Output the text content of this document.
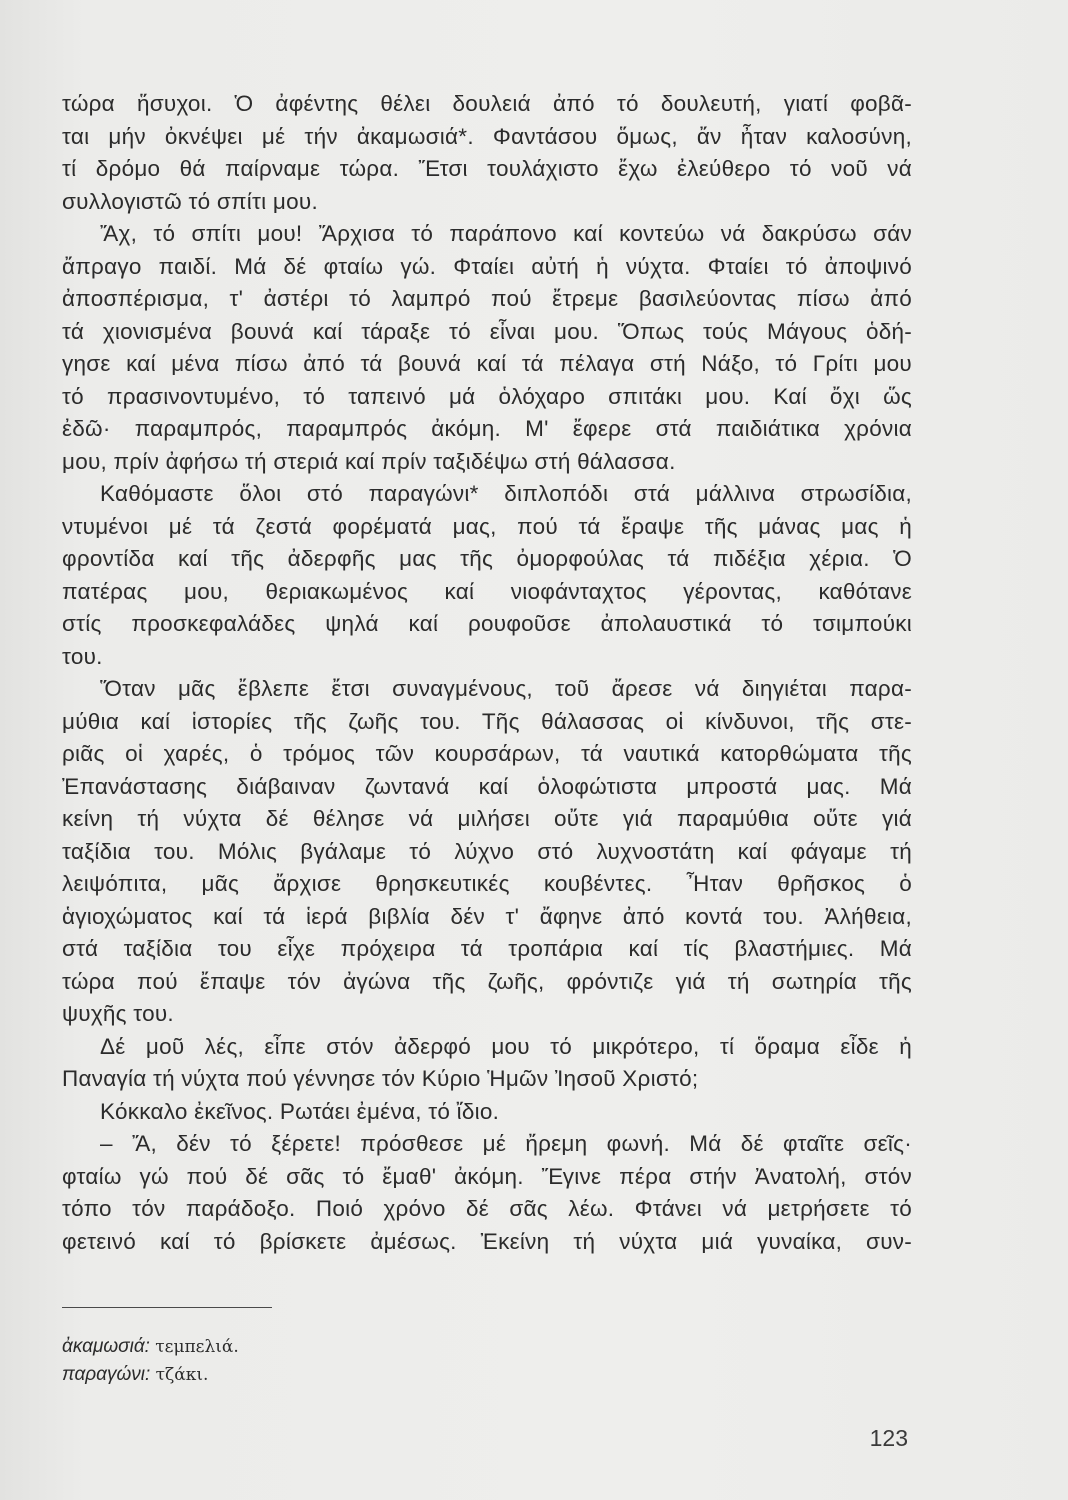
τώρα ἥσυχοι. Ὁ ἀφέντης θέλει δουλειά ἀπό τό δουλευτή, γιατί φοβᾶ-
ται μήν ὀκνέψει μέ τήν ἀκαμωσιά*. Φαντάσου ὅμως, ἄν ἦταν καλοσύνη,
τί δρόμο θά παίρναμε τώρα. Ἔτσι τουλάχιστο ἔχω ἐλεύθερο τό νοῦ νά
συλλογιστῶ τό σπίτι μου.
Ἄχ, τό σπίτι μου! Ἄρχισα τό παράπονο καί κοντεύω νά δακρύσω σάν
ἄπραγο παιδί. Μά δέ φταίω γώ. Φταίει αὐτή ἡ νύχτα. Φταίει τό ἀποψινό
ἀποσπέρισμα, τ' ἀστέρι τό λαμπρό πού ἔτρεμε βασιλεύοντας πίσω ἀπό
τά χιονισμένα βουνά καί τάραξε τό εἶναι μου. Ὅπως τούς Μάγους ὁδή-
γησε καί μένα πίσω ἀπό τά βουνά καί τά πέλαγα στή Νάξο, τό Γρίτι μου
τό πρασινοντυμένο, τό ταπεινό μά ὁλόχαρο σπιτάκι μου. Καί ὄχι ὥς
ἐδῶ· παραμπρός, παραμπρός ἀκόμη. Μ' ἔφερε στά παιδιάτικα χρόνια
μου, πρίν ἀφήσω τή στεριά καί πρίν ταξιδέψω στή θάλασσα.
Καθόμαστε ὅλοι στό παραγώνι* διπλοπόδι στά μάλλινα στρωσίδια,
ντυμένοι μέ τά ζεστά φορέματά μας, πού τά ἔραψε τῆς μάνας μας ἡ
φροντίδα καί τῆς ἀδερφῆς μας τῆς ὀμορφούλας τά πιδέξια χέρια. Ὁ
πατέρας μου, θεριακωμένος καί νιοφάνταχτος γέροντας, καθότανε
στίς προσκεφαλάδες ψηλά καί ρουφοῦσε ἀπολαυστικά τό τσιμπούκι
του.
Ὅταν μᾶς ἔβλεπε ἔτσι συναγμένους, τοῦ ἄρεσε νά διηγιέται παρα-
μύθια καί ἱστορίες τῆς ζωῆς του. Τῆς θάλασσας οἱ κίνδυνοι, τῆς στε-
ριᾶς οἱ χαρές, ὁ τρόμος τῶν κουρσάρων, τά ναυτικά κατορθώματα τῆς
Ἐπανάστασης διάβαιναν ζωντανά καί ὁλοφώτιστα μπροστά μας. Μά
κείνη τή νύχτα δέ θέλησε νά μιλήσει οὔτε γιά παραμύθια οὔτε γιά
ταξίδια του. Μόλις βγάλαμε τό λύχνο στό λυχνοστάτη καί φάγαμε τή
λειψόπιτα, μᾶς ἄρχισε θρησκευτικές κουβέντες. Ἦταν θρῆσκος ὁ
ἁγιοχώματος καί τά ἱερά βιβλία δέν τ' ἄφηνε ἀπό κοντά του. Ἀλήθεια,
στά ταξίδια του εἶχε πρόχειρα τά τροπάρια καί τίς βλαστήμιες. Μά
τώρα πού ἔπαψε τόν ἀγώνα τῆς ζωῆς, φρόντιζε γιά τή σωτηρία τῆς
ψυχῆς του.
Δέ μοῦ λές, εἶπε στόν ἀδερφό μου τό μικρότερο, τί ὅραμα εἶδε ἡ
Παναγία τή νύχτα πού γέννησε τόν Κύριο Ἡμῶν Ἰησοῦ Χριστό;
Κόκκαλο ἐκεῖνος. Ρωτάει ἐμένα, τό ἴδιο.
– Ἄ, δέν τό ξέρετε! πρόσθεσε μέ ἤρεμη φωνή. Μά δέ φταῖτε σεῖς·
φταίω γώ πού δέ σᾶς τό ἔμαθ' ἀκόμη. Ἔγινε πέρα στήν Ἀνατολή, στόν
τόπο τόν παράδοξο. Ποιό χρόνο δέ σᾶς λέω. Φτάνει νά μετρήσετε τό
φετεινό καί τό βρίσκετε ἀμέσως. Ἐκείνη τή νύχτα μιά γυναίκα, συν-
ἀκαμωσιά: τεμπελιά.
παραγώνι: τζάκι.
123
